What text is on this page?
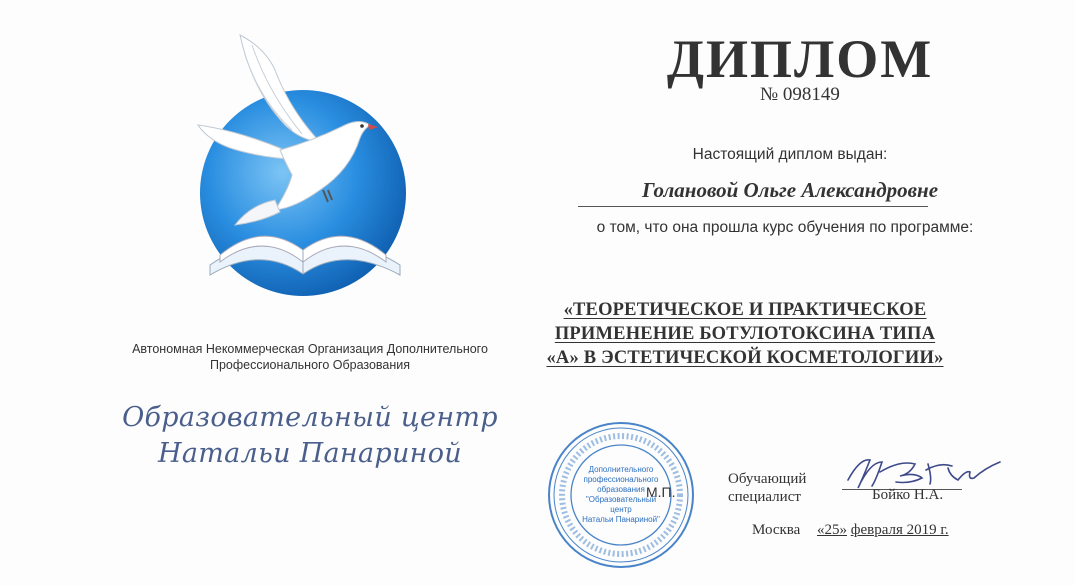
Автономная Некоммерческая Организация Дополнительного
Профессионального Образования
Образовательный центр
Натальи Панариной
ДИПЛОМ
№ 098149
Настоящий диплом выдан:
Голановой Ольге Александровне
о том, что она прошла курс обучения по программе:
«ТЕОРЕТИЧЕСКОЕ И ПРАКТИЧЕСКОЕ
ПРИМЕНЕНИЕ БОТУЛОТОКСИНА ТИПА
«А» В ЭСТЕТИЧЕСКОЙ КОСМЕТОЛОГИИ»
Дополнительного
профессионального
образования
"Образовательный
центр
Натальи Панариной"
М.П.
Обучающий
специалист	Бойко Н.А.
Москва «25» февраля 2019 г.
